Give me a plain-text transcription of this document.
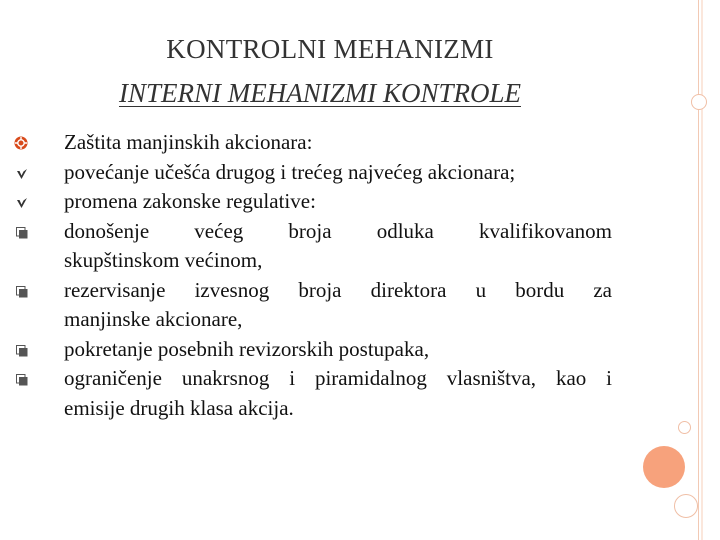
KONTROLNI MEHANIZMI
INTERNI MEHANIZMI KONTROLE
Zaštita manjinskih akcionara:
povećanje učešća drugog i trećeg najvećeg akcionara;
promena zakonske regulative:
donošenje većeg broja odluka kvalifikovanom
skupštinskom većinom,
rezervisanje izvesnog broja direktora u bordu za
manjinske akcionare,
pokretanje posebnih revizorskih postupaka,
ograničenje unakrsnog i piramidalnog vlasništva, kao i
emisije drugih klasa akcija.
